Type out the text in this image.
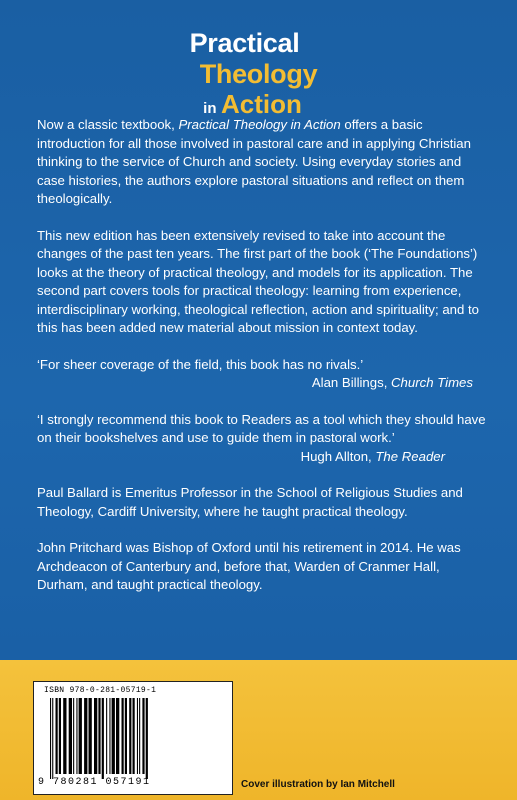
Practical
Theology
in Action

Now a classic textbook, Practical Theology in Action offers a basic introduction for all those involved in pastoral care and in applying Christian thinking to the service of Church and society. Using everyday stories and case histories, the authors explore pastoral situations and reflect on them theologically.

This new edition has been extensively revised to take into account the changes of the past ten years. The first part of the book (‘The Foundations’) looks at the theory of practical theology, and models for its application. The second part covers tools for practical theology: learning from experience, interdisciplinary working, theological reflection, action and spirituality; and to this has been added new material about mission in context today.

‘For sheer coverage of the field, this book has no rivals.’
Alan Billings, Church Times
‘I strongly recommend this book to Readers as a tool which they should have on their bookshelves and use to guide them in pastoral work.’
Hugh Allton, The Reader

Paul Ballard is Emeritus Professor in the School of Religious Studies and Theology, Cardiff University, where he taught practical theology.

John Pritchard was Bishop of Oxford until his retirement in 2014. He was Archdeacon of Canterbury and, before that, Warden of Cranmer Hall, Durham, and taught practical theology.

ISBN 978-0-281-05719-1
9 780281 057191	Cover illustration by Ian Mitchell
